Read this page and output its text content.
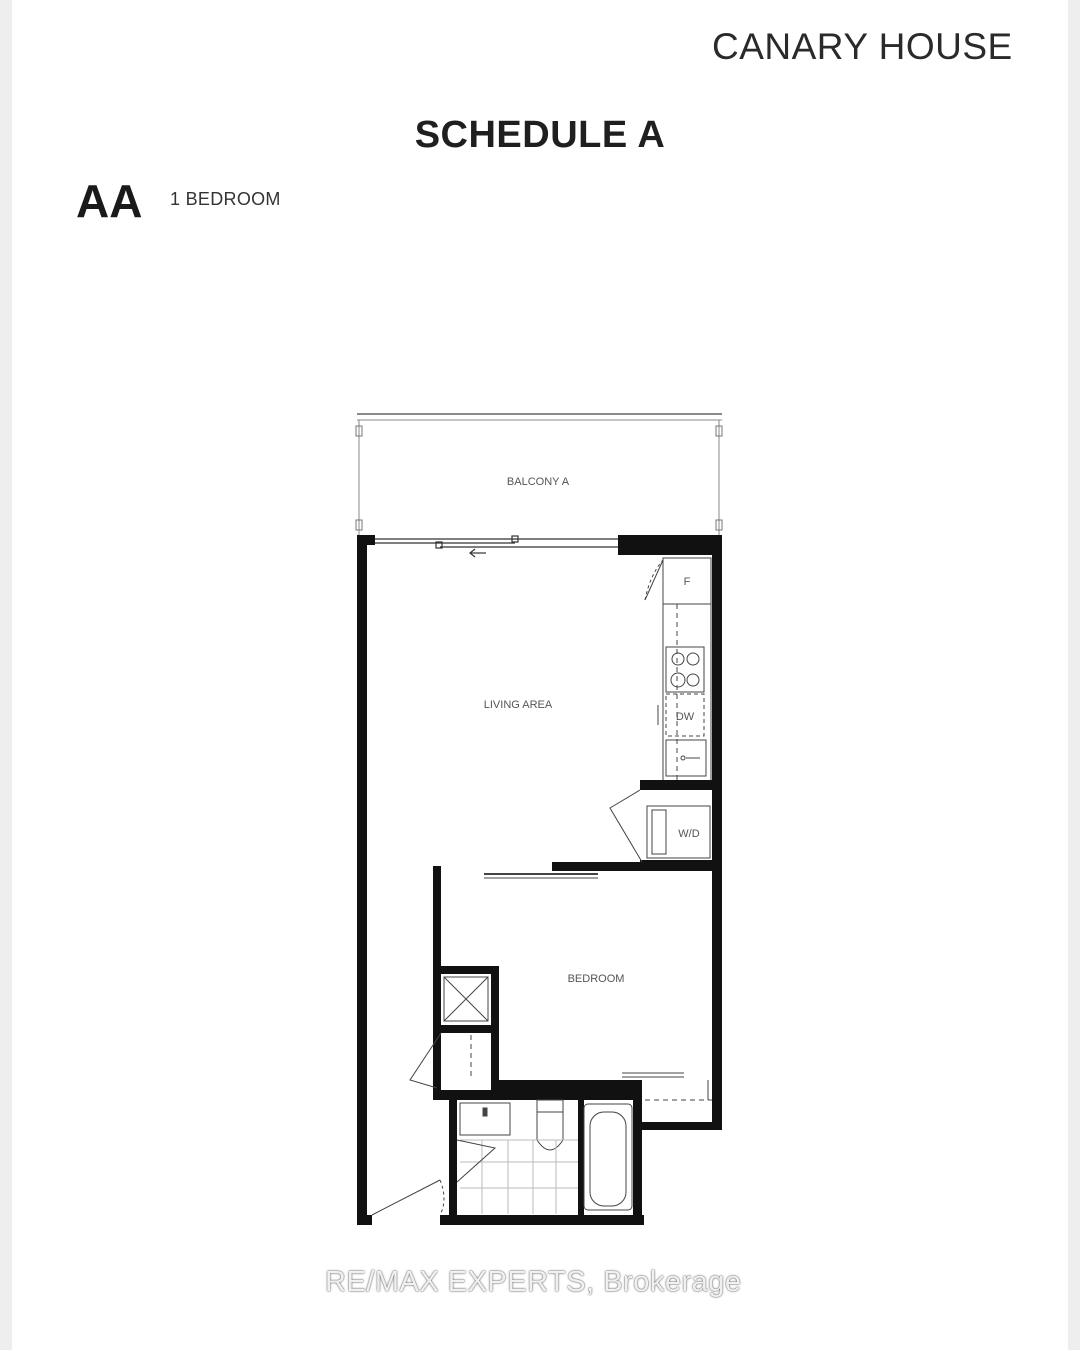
CANARY HOUSE
SCHEDULE A
AA 1 BEDROOM
BALCONY A
F
DW
W/D
LIVING AREA
BEDROOM
RE/MAX EXPERTS, Brokerage
